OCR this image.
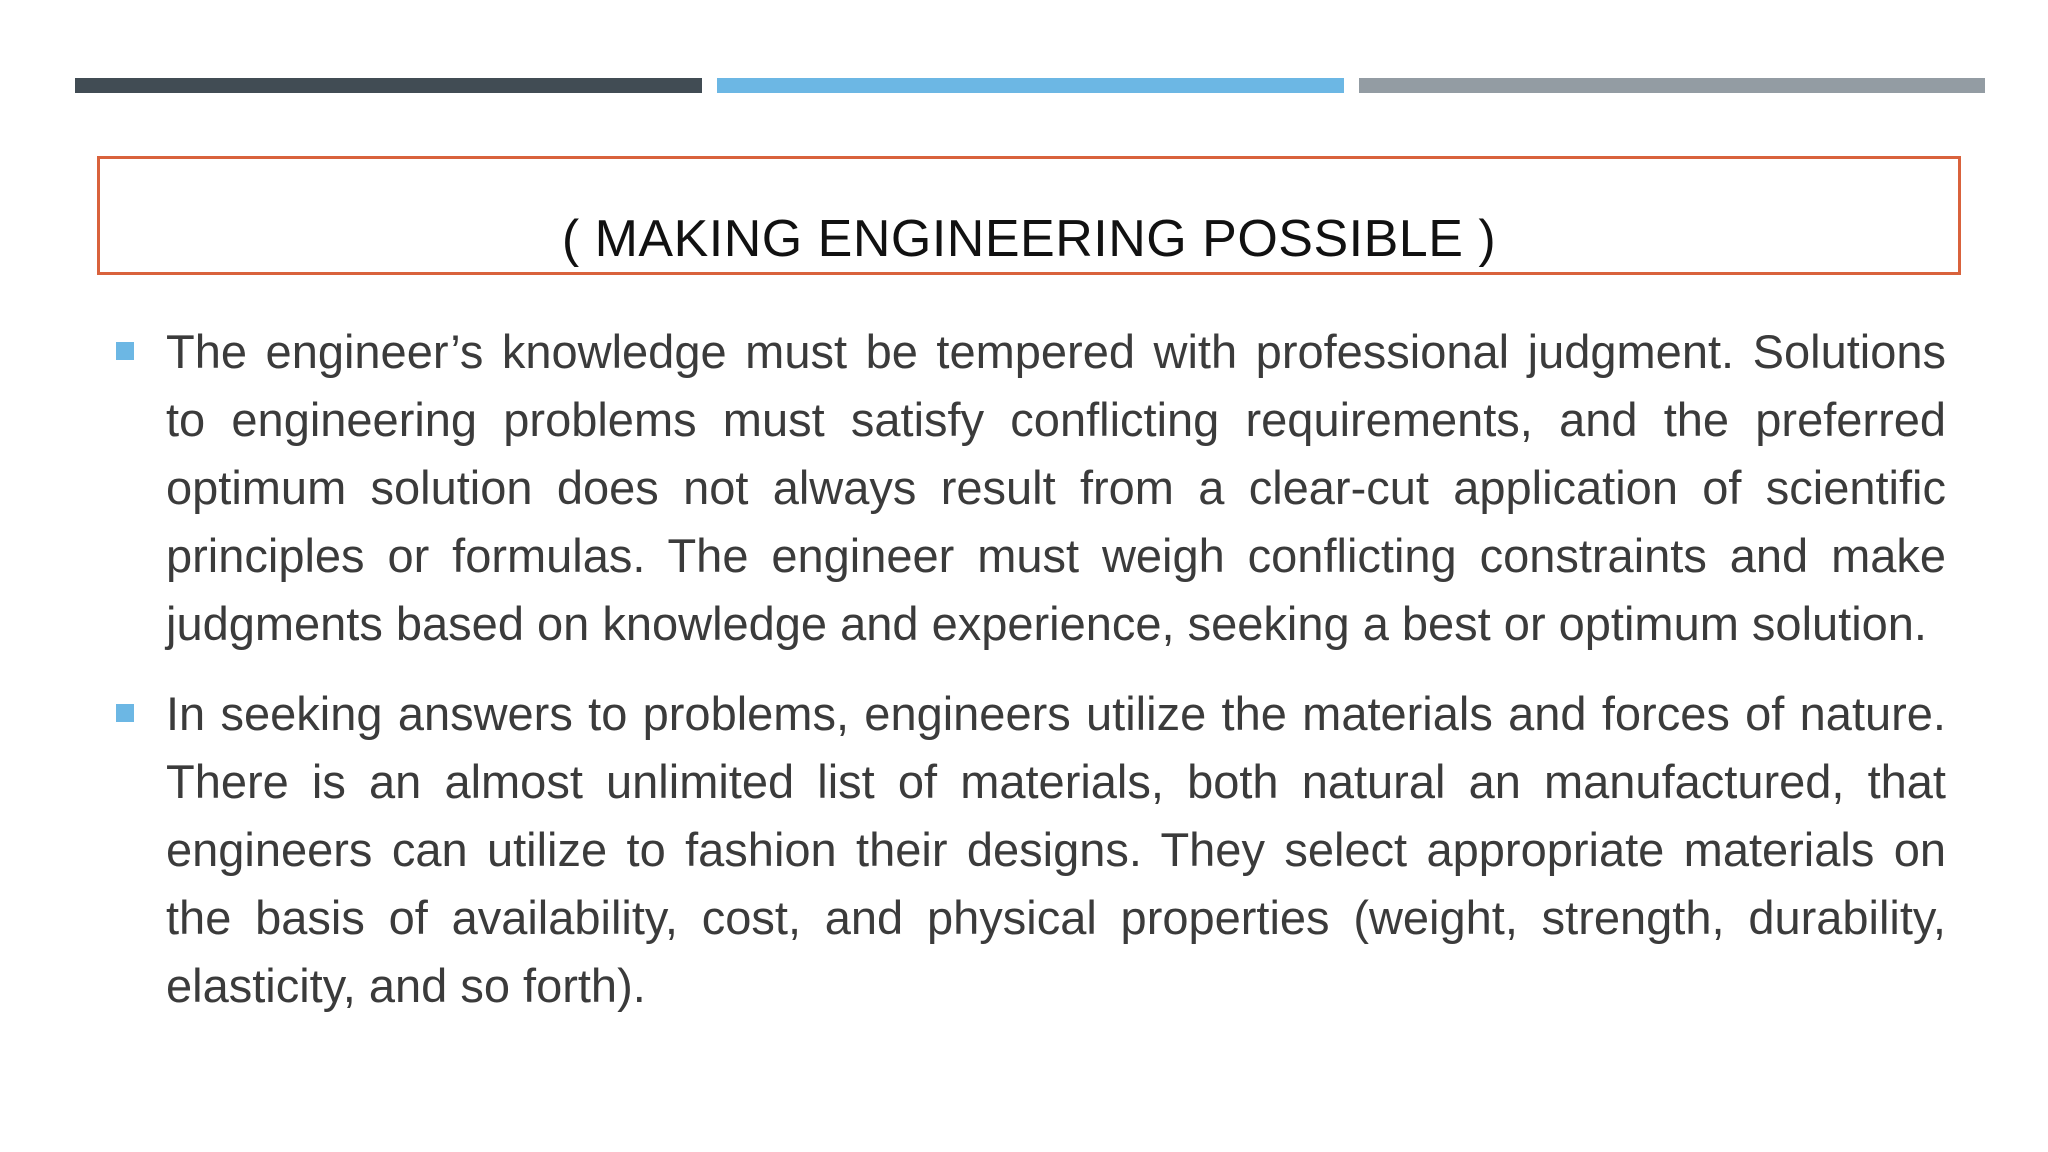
( MAKING ENGINEERING POSSIBLE )
The engineer’s knowledge must be tempered with professional judgment. Solutions to engineering problems must satisfy conflicting requirements, and the preferred optimum solution does not always result from a clear-cut application of scientific principles or formulas. The engineer must weigh conflicting constraints and make judgments based on knowledge and experience, seeking a best or optimum solution.
In seeking answers to problems, engineers utilize the materials and forces of nature. There is an almost unlimited list of materials, both natural an manufactured, that engineers can utilize to fashion their designs. They select appropriate materials on the basis of availability, cost, and physical properties (weight, strength, durability, elasticity, and so forth).
